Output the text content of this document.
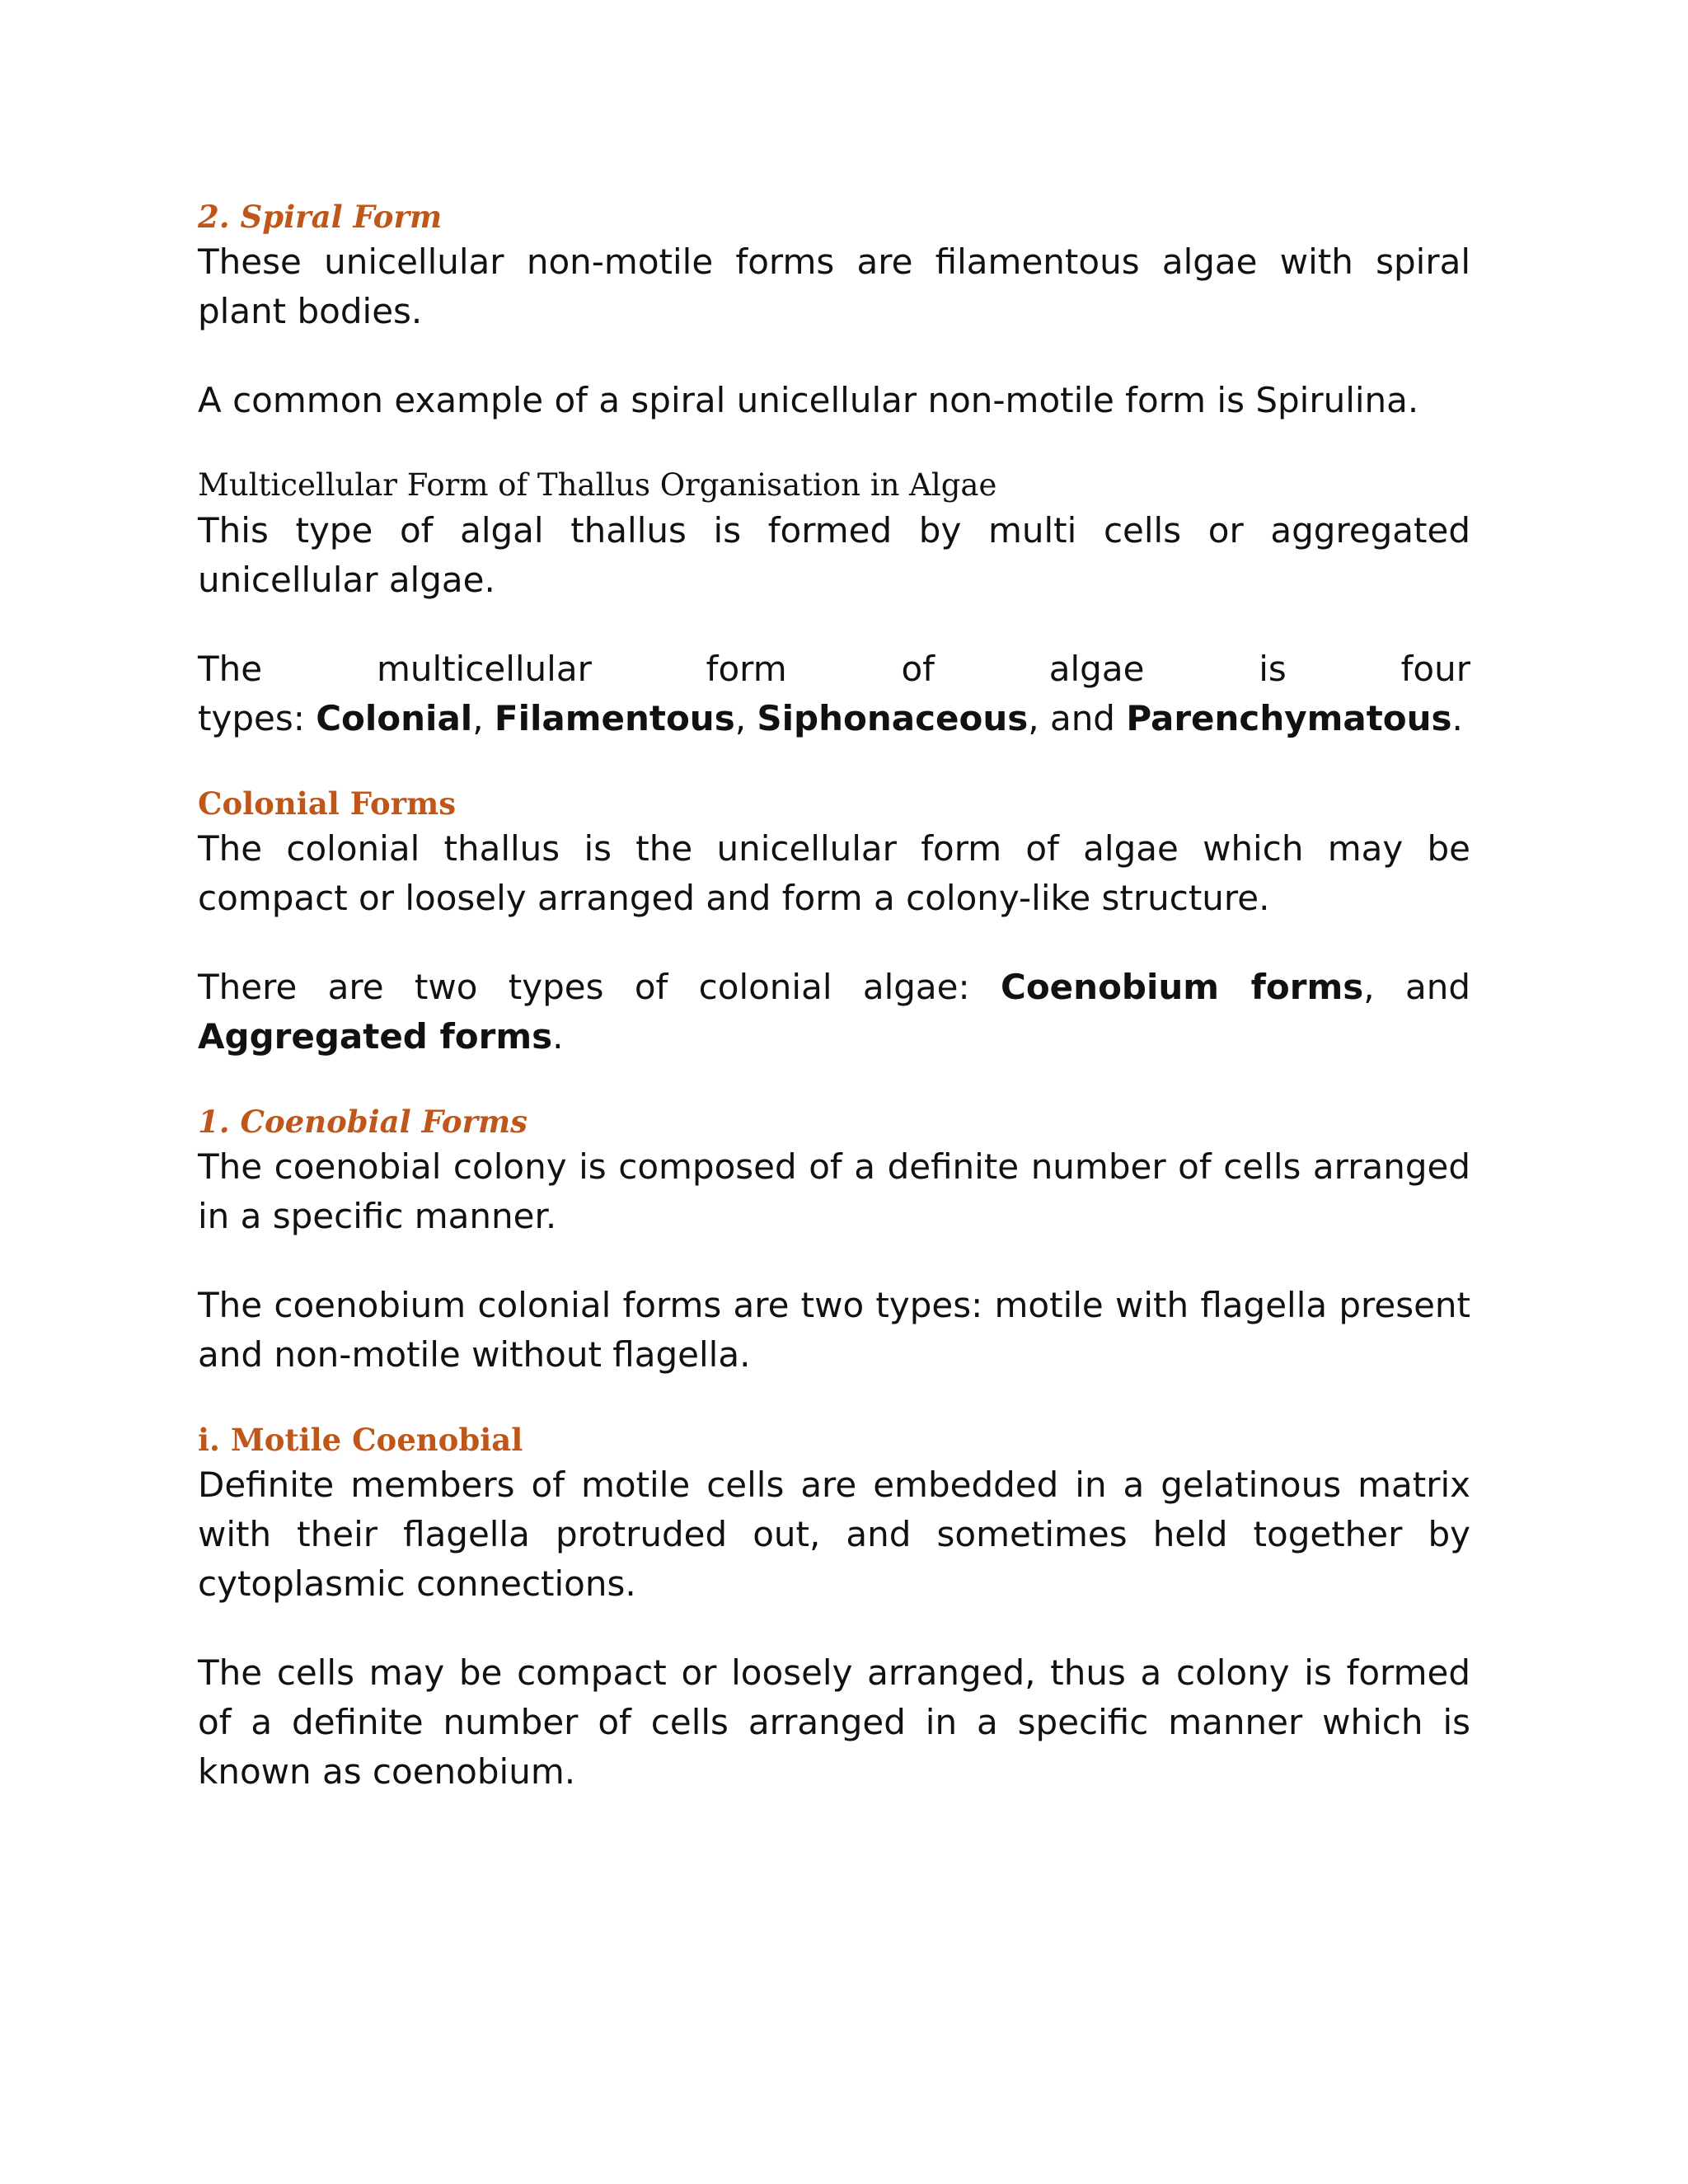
2. Spiral Form

These unicellular non-motile forms are filamentous algae with spiral plant bodies.

A common example of a spiral unicellular non-motile form is Spirulina.

Multicellular Form of Thallus Organisation in Algae

This type of algal thallus is formed by multi cells or aggregated unicellular algae.

The multicellular form of algae is four

types: Colonial, Filamentous, Siphonaceous, and Parenchymatous.

Colonial Forms

The colonial thallus is the unicellular form of algae which may be compact or loosely arranged and form a colony-like structure.

There are two types of colonial algae: Coenobium forms, and Aggregated forms.

1. Coenobial Forms

The coenobial colony is composed of a definite number of cells arranged in a specific manner.

The coenobium colonial forms are two types: motile with flagella present and non-motile without flagella.

i. Motile Coenobial

Definite members of motile cells are embedded in a gelatinous matrix with their flagella protruded out, and sometimes held together by cytoplasmic connections.

The cells may be compact or loosely arranged, thus a colony is formed of a definite number of cells arranged in a specific manner which is known as coenobium.
